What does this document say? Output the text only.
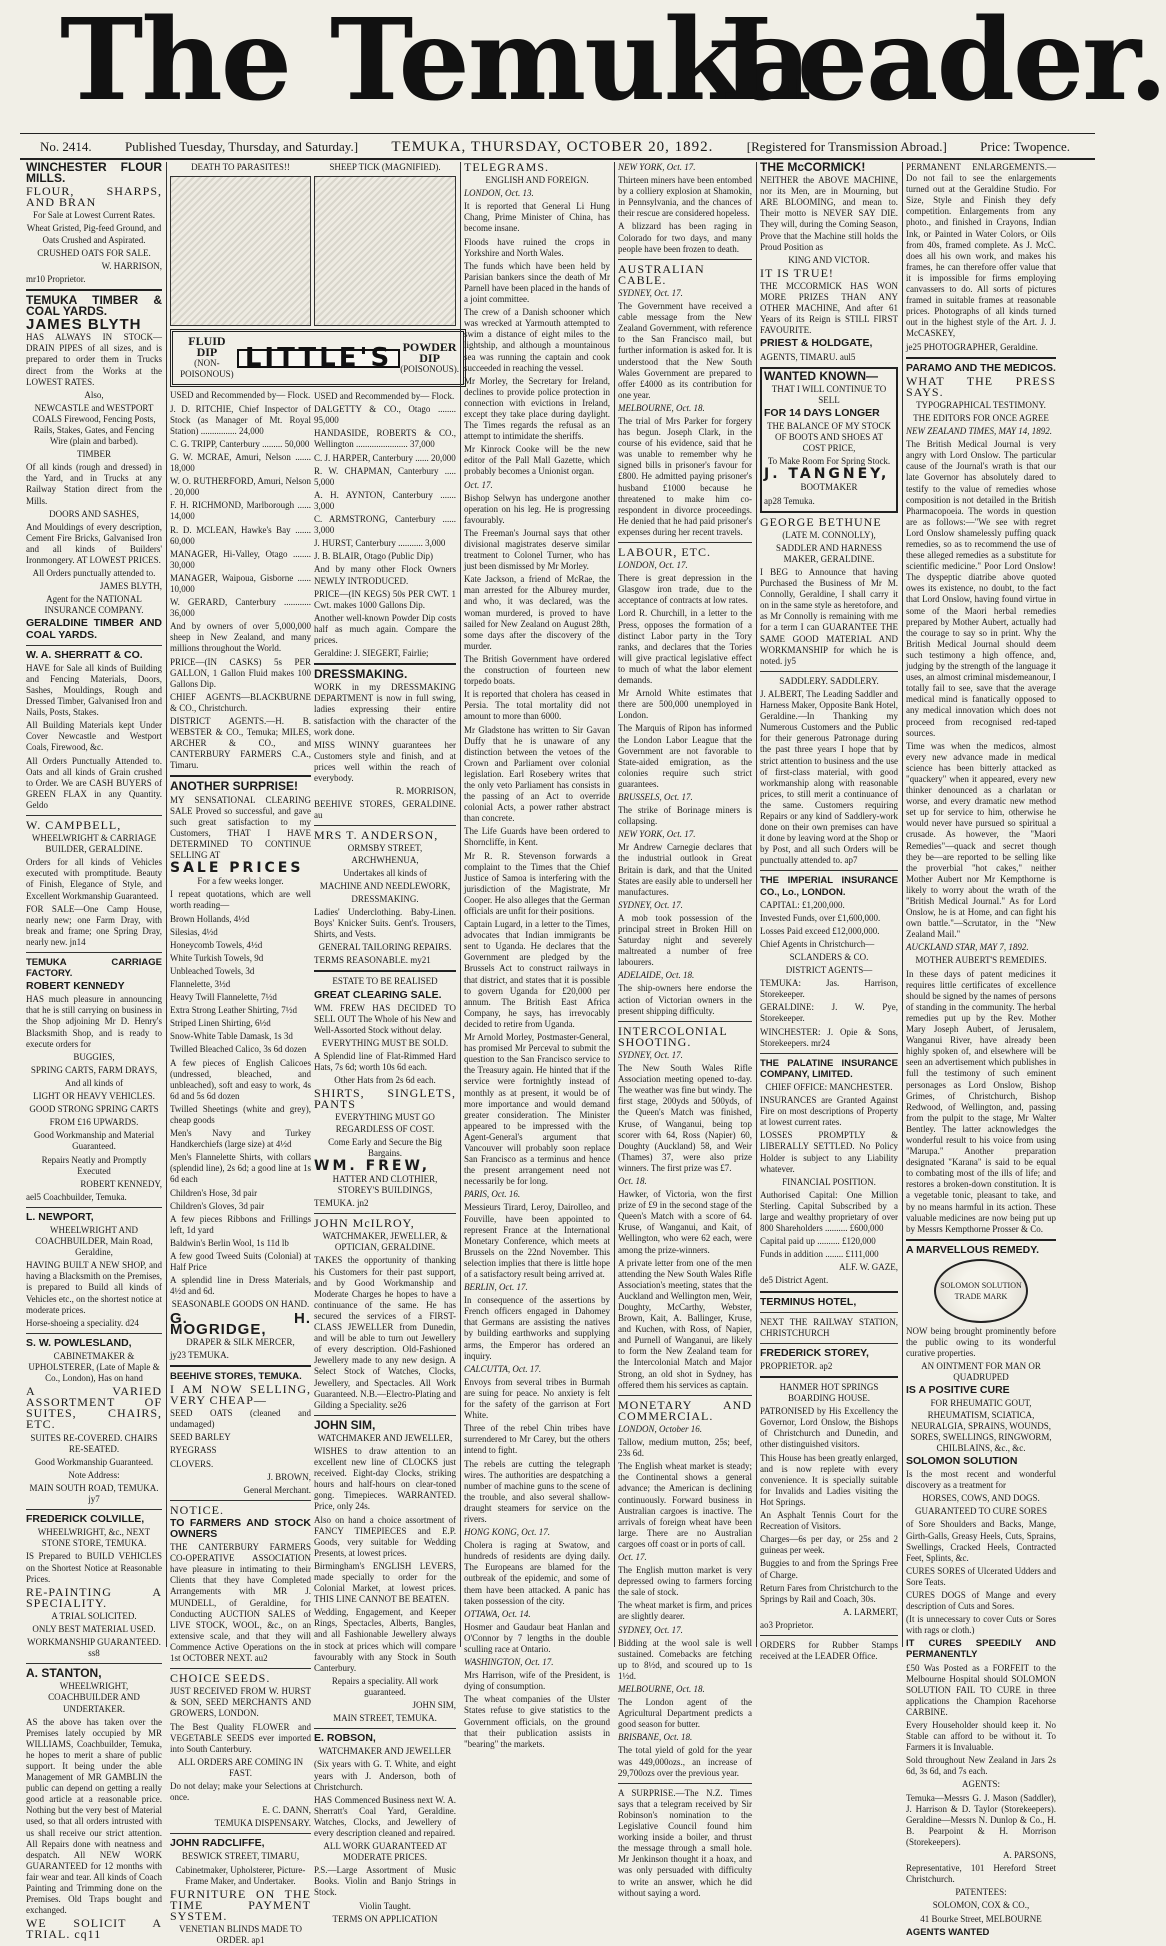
The Temuka
Leader.
No. 2414.	Published Tuesday, Thursday, and Saturday.] TEMUKA, THURSDAY, OCTOBER 20, 1892.	[Registered for Transmission Abroad.]	Price: Twopence.

WINCHESTER FLOUR MILLS.

FLOUR, SHARPS, AND BRAN

For Sale at Lowest Current Rates.

Wheat Gristed, Pig-feed Ground, and Oats Crushed and Aspirated.

CRUSHED OATS FOR SALE.

W. HARRISON,

mr10 Proprietor.

TEMUKA TIMBER & COAL YARDS.

JAMES BLYTH

HAS ALWAYS IN STOCK—DRAIN PIPES of all sizes, and is prepared to order them in Trucks direct from the Works at the LOWEST RATES.

Also,

NEWCASTLE and WESTPORT COALS Firewood, Fencing Posts, Rails, Stakes, Gates, and Fencing Wire (plain and barbed).

TIMBER

Of all kinds (rough and dressed) in the Yard, and in Trucks at any Railway Station direct from the Mills.

DOORS AND SASHES,

And Mouldings of every description, Cement Fire Bricks, Galvanised Iron and all kinds of Builders' Ironmongery. AT LOWEST PRICES.

All Orders punctually attended to.

JAMES BLYTH,

Agent for the NATIONAL INSURANCE COMPANY.

GERALDINE TIMBER AND COAL YARDS.

W. A. SHERRATT & CO.

HAVE for Sale all kinds of Building and Fencing Materials, Doors, Sashes, Mouldings, Rough and Dressed Timber, Galvanised Iron and Nails, Posts, Stakes.

All Building Materials kept Under Cover Newcastle and Westport Coals, Firewood, &c.

All Orders Punctually Attended to. Oats and all kinds of Grain crushed to Order. We are CASH BUYERS of GREEN FLAX in any Quantity. Geldo

W. CAMPBELL,

WHEELWRIGHT & CARRIAGE BUILDER, GERALDINE.

Orders for all kinds of Vehicles executed with promptitude. Beauty of Finish, Elegance of Style, and Excellent Workmanship Guaranteed.

FOR SALE—One Camp House, nearly new; one Farm Dray, with break and frame; one Spring Dray, nearly new. jn14

TEMUKA CARRIAGE FACTORY.

ROBERT KENNEDY

HAS much pleasure in announcing that he is still carrying on business in the Shop adjoining Mr D. Henry's Blacksmith Shop, and is ready to execute orders for

BUGGIES,

SPRING CARTS, FARM DRAYS,

And all kinds of

LIGHT OR HEAVY VEHICLES.

GOOD STRONG SPRING CARTS

FROM £16 UPWARDS.

Good Workmanship and Material Guaranteed.

Repairs Neatly and Promptly Executed

ROBERT KENNEDY,

ael5 Coachbuilder, Temuka.

L. NEWPORT,

WHEELWRIGHT AND COACHBUILDER, Main Road, Geraldine,

HAVING BUILT A NEW SHOP, and having a Blacksmith on the Premises, is prepared to Build all kinds of Vehicles etc., on the shortest notice at moderate prices.

Horse-shoeing a speciality. d24

S. W. POWLESLAND,

CABINETMAKER & UPHOLSTERER, (Late of Maple & Co., London), Has on hand

A VARIED ASSORTMENT OF SUITES, CHAIRS, ETC.

SUITES RE-COVERED. CHAIRS RE-SEATED.

Good Workmanship Guaranteed.

Note Address:

MAIN SOUTH ROAD, TEMUKA. jy7

FREDERICK COLVILLE,

WHEELWRIGHT, &c., NEXT STONE STORE, TEMUKA.

IS Prepared to BUILD VEHICLES on the Shortest Notice at Reasonable Prices.

RE-PAINTING A SPECIALITY.

A TRIAL SOLICITED.

ONLY BEST MATERIAL USED.

WORKMANSHIP GUARANTEED. ss8

A. STANTON,

WHEELWRIGHT, COACHBUILDER AND UNDERTAKER.

AS the above has taken over the Premises lately occupied by MR WILLIAMS, Coachbuilder, Temuka, he hopes to merit a share of public support. It being under the able Management of MR GAMBLIN the public can depend on getting a really good article at a reasonable price. Nothing but the very best of Material used, so that all orders intrusted with us shall receive our strict attention. All Repairs done with neatness and despatch. All NEW WORK GUARANTEED for 12 months with fair wear and tear. All kinds of Coach Painting and Trimming done on the Premises. Old Traps bought and exchanged.

WE SOLICIT A TRIAL. cq11

DEATH TO PARASITES!!

FLUID DIP
(NON-POISONOUS)
LITTLE'S POWDER DIP
(POISONOUS).

USED and Recommended by— Flock.

J. D. RITCHIE, Chief Inspector of Stock (as Manager of Mt. Royal Station) ................ 24,000

C. G. TRIPP, Canterbury ......... 50,000

G. W. MCRAE, Amuri, Nelson ....... 18,000

W. O. RUTHERFORD, Amuri, Nelson . 20,000

F. H. RICHMOND, Marlborough ...... 14,000

R. D. MCLEAN, Hawke's Bay ....... 60,000

MANAGER, Hi-Valley, Otago ........ 30,000

MANAGER, Waipoua, Gisborne ...... 10,000

W. GERARD, Canterbury ............ 36,000

And by owners of over 5,000,000 sheep in New Zealand, and many millions throughout the World.

PRICE—(IN CASKS) 5s PER GALLON, 1 Gallon Fluid makes 100 Gallons Dip.

CHIEF AGENTS—BLACKBURNE & CO., Christchurch.

DISTRICT AGENTS.—H. B. WEBSTER & CO., Temuka; MILES, ARCHER & CO., and CANTERBURY FARMERS C.A., Timaru.

ANOTHER SURPRISE!

MY SENSATIONAL CLEARING SALE Proved so successful, and gave such great satisfaction to my Customers, THAT I HAVE DETERMINED TO CONTINUE SELLING AT

SALE PRICES

For a few weeks longer.

I repeat quotations, which are well worth reading—

Brown Hollands, 4½d

Silesias, 4½d

Honeycomb Towels, 4½d

White Turkish Towels, 9d

Unbleached Towels, 3d

Flannelette, 3½d

Heavy Twill Flannelette, 7½d

Extra Strong Leather Shirting, 7½d

Striped Linen Shirting, 6½d

Snow-White Table Damask, 1s 3d

Twilled Bleached Calico, 3s 6d dozen

A few pieces of English Calicoes (undressed, bleached, and unbleached), soft and easy to work, 4s 6d and 5s 6d dozen

Twilled Sheetings (white and grey), cheap goods

Men's Navy and Turkey Handkerchiefs (large size) at 4½d

Men's Flannelette Shirts, with collars (splendid line), 2s 6d; a good line at 1s 6d each

Children's Hose, 3d pair

Children's Gloves, 3d pair

A few pieces Ribbons and Frillings left, 1d yard

Baldwin's Berlin Wool, 1s 11d lb

A few good Tweed Suits (Colonial) at Half Price

A splendid line in Dress Materials, 4½d and 6d.

SEASONABLE GOODS ON HAND.

G. H. MOGRIDGE,

DRAPER & SILK MERCER,

jy23 TEMUKA.

BEEHIVE STORES, TEMUKA.

I AM NOW SELLING, VERY CHEAP—

SEED OATS (cleaned and undamaged)

SEED BARLEY

RYEGRASS

CLOVERS.

J. BROWN,

General Merchant.

NOTICE.

TO FARMERS AND STOCK OWNERS

THE CANTERBURY FARMERS CO-OPERATIVE ASSOCIATION have pleasure in intimating to their Clients that they have Completed Arrangements with MR J. MUNDELL, of Geraldine, for Conducting AUCTION SALES of LIVE STOCK, WOOL, &c., on an extensive scale, and that they will Commence Active Operations on the 1st OCTOBER NEXT. au2

CHOICE SEEDS.

JUST RECEIVED FROM W. HURST & SON, SEED MERCHANTS AND GROWERS, LONDON.

The Best Quality FLOWER and VEGETABLE SEEDS ever imported into South Canterbury.

ALL ORDERS ARE COMING IN FAST.

Do not delay; make your Selections at once.

E. C. DANN,

TEMUKA DISPENSARY.

JOHN RADCLIFFE,

BESWICK STREET, TIMARU,

Cabinetmaker, Upholsterer, Picture-Frame Maker, and Undertaker.

FURNITURE ON THE TIME PAYMENT SYSTEM.

VENETIAN BLINDS MADE TO ORDER. ap1

SHEEP TICK (MAGNIFIED).

USED and Recommended by— Flock.

DALGETTY & CO., Otago ........ 95,000

HANDASIDE, ROBERTS & CO., Wellington ....................... 37,000

C. J. HARPER, Canterbury ...... 20,000

R. W. CHAPMAN, Canterbury ..... 5,000

A. H. AYNTON, Canterbury ....... 3,000

C. ARMSTRONG, Canterbury ...... 3,000

J. HURST, Canterbury ........... 3,000

J. B. BLAIR, Otago (Public Dip)

And by many other Flock Owners NEWLY INTRODUCED.

PRICE—(IN KEGS) 50s PER CWT. 1 Cwt. makes 1000 Gallons Dip.

Another well-known Powder Dip costs half as much again. Compare the prices.

Geraldine: J. SIEGERT, Fairlie;

DRESSMAKING.

WORK in my DRESSMAKING DEPARTMENT is now in full swing, ladies expressing their entire satisfaction with the character of the work done.

MISS WINNY guarantees her Customers style and finish, and at prices well within the reach of everybody.

R. MORRISON,

BEEHIVE STORES, GERALDINE. au

MRS T. ANDERSON,

ORMSBY STREET, ARCHWHENUA,

Undertakes all kinds of

MACHINE AND NEEDLEWORK,

DRESSMAKING.

Ladies' Underclothing. Baby-Linen. Boys' Knicker Suits. Gent's. Trousers, Shirts, and Vests.

GENERAL TAILORING REPAIRS.

TERMS REASONABLE. my21

ESTATE TO BE REALISED

GREAT CLEARING SALE.

WM. FREW HAS DECIDED TO SELL OUT The Whole of his New and Well-Assorted Stock without delay.

EVERYTHING MUST BE SOLD.

A Splendid line of Flat-Rimmed Hard Hats, 7s 6d; worth 10s 6d each.

Other Hats from 2s 6d each.

SHIRTS, SINGLETS, PANTS

EVERYTHING MUST GO REGARDLESS OF COST.

Come Early and Secure the Big Bargains.

WM. FREW,

HATTER AND CLOTHIER, STOREY'S BUILDINGS,

TEMUKA. jn2

JOHN McILROY,

WATCHMAKER, JEWELLER, & OPTICIAN, GERALDINE.

TAKES the opportunity of thanking his Customers for their past support, and by Good Workmanship and Moderate Charges he hopes to have a continuance of the same. He has secured the services of a FIRST-CLASS JEWELLER from Dunedin, and will be able to turn out Jewellery of every description. Old-Fashioned Jewellery made to any new design. A Select Stock of Watches, Clocks, Jewellery, and Spectacles. All Work Guaranteed. N.B.—Electro-Plating and Gilding a Speciality. se26

JOHN SIM,

WATCHMAKER AND JEWELLER,

WISHES to draw attention to an excellent new line of CLOCKS just received. Eight-day Clocks, striking hours and half-hours on clear-toned gong. Timepieces. WARRANTED. Price, only 24s.

Also on hand a choice assortment of FANCY TIMEPIECES and E.P. Goods, very suitable for Wedding Presents, at lowest prices.

Birmingham's ENGLISH LEVERS, made specially to order for the Colonial Market, at lowest prices. THIS LINE CANNOT BE BEATEN.

Wedding, Engagement, and Keeper Rings, Spectacles, Alberts, Bangles, and all Fashionable Jewellery always in stock at prices which will compare favourably with any Stock in South Canterbury.

Repairs a speciality. All work guaranteed.

JOHN SIM,

MAIN STREET, TEMUKA.

E. ROBSON,

WATCHMAKER AND JEWELLER

(Six years with G. T. White, and eight years with J. Anderson, both of Christchurch.

HAS Commenced Business next W. A. Sherratt's Coal Yard, Geraldine. Watches, Clocks, and Jewellery of every description cleaned and repaired.

ALL WORK GUARANTEED AT MODERATE PRICES.

P.S.—Large Assortment of Music Books. Violin and Banjo Strings in Stock.

Violin Taught.

TERMS ON APPLICATION

TELEGRAMS.

ENGLISH AND FOREIGN.

LONDON, Oct. 13.

It is reported that General Li Hung Chang, Prime Minister of China, has become insane.

Floods have ruined the crops in Yorkshire and North Wales.

The funds which have been held by Parisian bankers since the death of Mr Parnell have been placed in the hands of a joint committee.

The crew of a Danish schooner which was wrecked at Yarmouth attempted to swim a distance of eight miles to the lightship, and although a mountainous sea was running the captain and cook succeeded in reaching the vessel.

Mr Morley, the Secretary for Ireland, declines to provide police protection in connection with evictions in Ireland, except they take place during daylight. The Times regards the refusal as an attempt to intimidate the sheriffs.

Mr Kinrock Cooke will be the new editor of the Pall Mall Gazette, which probably becomes a Unionist organ.

Oct. 17.

Bishop Selwyn has undergone another operation on his leg. He is progressing favourably.

The Freeman's Journal says that other divisional magistrates deserve similar treatment to Colonel Turner, who has just been dismissed by Mr Morley.

Kate Jackson, a friend of McRae, the man arrested for the Alburey murder, and who, it was declared, was the woman murdered, is proved to have sailed for New Zealand on August 28th, some days after the discovery of the murder.

The British Government have ordered the construction of fourteen new torpedo boats.

It is reported that cholera has ceased in Persia. The total mortality did not amount to more than 6000.

Mr Gladstone has written to Sir Gavan Duffy that he is unaware of any distinction between the vetoes of the Crown and Parliament over colonial legislation. Earl Rosebery writes that the only veto Parliament has consists in the passing of an Act to override colonial Acts, a power rather abstract than concrete.

The Life Guards have been ordered to Shorncliffe, in Kent.

Mr R. R. Stevenson forwards a complaint to the Times that the Chief Justice of Samoa is interfering with the jurisdiction of the Magistrate, Mr Cooper. He also alleges that the German officials are unfit for their positions.

Captain Lugard, in a letter to the Times, advocates that Indian immigrants be sent to Uganda. He declares that the Government are pledged by the Brussels Act to construct railways in that district, and states that it is possible to govern Uganda for £20,000 per annum. The British East Africa Company, he says, has irrevocably decided to retire from Uganda.

Mr Arnold Morley, Postmaster-General, has promised Mr Perceval to submit the question to the San Francisco service to the Treasury again. He hinted that if the service were fortnightly instead of monthly as at present, it would be of more importance and would demand greater consideration. The Minister appeared to be impressed with the Agent-General's argument that Vancouver will probably soon replace San Francisco as a terminus and hence the present arrangement need not necessarily be for long.

PARIS, Oct. 16.

Messieurs Tirard, Leroy, Dairolleo, and Fouville, have been appointed to represent France at the International Monetary Conference, which meets at Brussels on the 22nd November. This selection implies that there is little hope of a satisfactory result being arrived at.

BERLIN, Oct. 17.

In consequence of the assertions by French officers engaged in Dahomey that Germans are assisting the natives by building earthworks and supplying arms, the Emperor has ordered an inquiry.

CALCUTTA, Oct. 17.

Envoys from several tribes in Burmah are suing for peace. No anxiety is felt for the safety of the garrison at Fort White.

Three of the rebel Chin tribes have surrendered to Mr Carey, but the others intend to fight.

The rebels are cutting the telegraph wires. The authorities are despatching a number of machine guns to the scene of the trouble, and also several shallow-draught steamers for service on the rivers.

HONG KONG, Oct. 17.

Cholera is raging at Swatow, and hundreds of residents are dying daily. The Europeans are blamed for the outbreak of the epidemic, and some of them have been attacked. A panic has taken possession of the city.

OTTAWA, Oct. 14.

Hosmer and Gaudaur beat Hanlan and O'Connor by 7 lengths in the double sculling race at Ontario.

WASHINGTON, Oct. 17.

Mrs Harrison, wife of the President, is dying of consumption.

The wheat companies of the Ulster States refuse to give statistics to the Government officials, on the ground that their publication assists in "bearing" the markets.

NEW YORK, Oct. 17.

Thirteen miners have been entombed by a colliery explosion at Shamokin, in Pennsylvania, and the chances of their rescue are considered hopeless.

A blizzard has been raging in Colorado for two days, and many people have been frozen to death.

AUSTRALIAN CABLE.

SYDNEY, Oct. 17.

The Government have received a cable message from the New Zealand Government, with reference to the San Francisco mail, but further information is asked for. It is understood that the New South Wales Government are prepared to offer £4000 as its contribution for one year.

MELBOURNE, Oct. 18.

The trial of Mrs Parker for forgery has begun. Joseph Clark, in the course of his evidence, said that he was unable to remember why he signed bills in prisoner's favour for £800. He admitted paying prisoner's husband £1000 because he threatened to make him co-respondent in divorce proceedings. He denied that he had paid prisoner's expenses during her recent travels.

LABOUR, ETC.

LONDON, Oct. 17.

There is great depression in the Glasgow iron trade, due to the acceptance of contracts at low rates.

Lord R. Churchill, in a letter to the Press, opposes the formation of a distinct Labor party in the Tory ranks, and declares that the Tories will give practical legislative effect to much of what the labor element demands.

Mr Arnold White estimates that there are 500,000 unemployed in London.

The Marquis of Ripon has informed the London Labor League that the Government are not favorable to State-aided emigration, as the colonies require such strict guarantees.

BRUSSELS, Oct. 17.

The strike of Borinage miners is collapsing.

NEW YORK, Oct. 17.

Mr Andrew Carnegie declares that the industrial outlook in Great Britain is dark, and that the United States are easily able to undersell her manufactures.

SYDNEY, Oct. 17.

A mob took possession of the principal street in Broken Hill on Saturday night and severely maltreated a number of free labourers.

ADELAIDE, Oct. 18.

The ship-owners here endorse the action of Victorian owners in the present shipping difficulty.

INTERCOLONIAL SHOOTING.

SYDNEY, Oct. 17.

The New South Wales Rifle Association meeting opened to-day. The weather was fine but windy. The first stage, 200yds and 500yds, of the Queen's Match was finished, Kruse, of Wanganui, being top scorer with 64, Ross (Napier) 60, Doughty (Auckland) 58, and Weir (Thames) 37, were also prize winners. The first prize was £7.

Oct. 18.

Hawker, of Victoria, won the first prize of £9 in the second stage of the Queen's Match with a score of 64. Kruse, of Wanganui, and Kait, of Wellington, who were 62 each, were among the prize-winners.

A private letter from one of the men attending the New South Wales Rifle Association's meeting, states that the Auckland and Wellington men, Weir, Doughty, McCarthy, Webster, Brown, Kait, A. Ballinger, Kruse, and Kuchen, with Ross, of Napier, and Purnell of Wanganui, are likely to form the New Zealand team for the Intercolonial Match and Major Strong, an old shot in Sydney, has offered them his services as captain.

MONETARY AND COMMERCIAL.

LONDON, October 16.

Tallow, medium mutton, 25s; beef, 23s 6d.

The English wheat market is steady; the Continental shows a general advance; the American is declining continuously. Forward business in Australian cargoes is inactive. The arrivals of foreign wheat have been large. There are no Australian cargoes off coast or in ports of call.

Oct. 17.

The English mutton market is very depressed owing to farmers forcing the sale of stock.

The wheat market is firm, and prices are slightly dearer.

SYDNEY, Oct. 17.

Bidding at the wool sale is well sustained. Comebacks are fetching up to 8½d, and scoured up to 1s 1½d.

MELBOURNE, Oct. 18.

The London agent of the Agricultural Department predicts a good season for butter.

BRISBANE, Oct. 18.

The total yield of gold for the year was 449,000ozs., an increase of 29,700ozs over the previous year.

A SURPRISE.—The N.Z. Times says that a telegram received by Sir Robinson's nomination to the Legislative Council found him working inside a boiler, and thrust the message through a small hole. Mr Jenkinson thought it a hoax, and was only persuaded with difficulty to write an answer, which he did without saying a word.

THE McCORMICK!

NEITHER the ABOVE MACHINE, nor its Men, are in Mourning, but ARE BLOOMING, and mean to. Their motto is NEVER SAY DIE. They will, during the Coming Season, Prove that the Machine still holds the Proud Position as

KING AND VICTOR.

IT IS TRUE!

THE MCCORMICK HAS WON MORE PRIZES THAN ANY OTHER MACHINE, And after 61 Years of its Reign is STILL FIRST FAVOURITE.

PRIEST & HOLDGATE,

AGENTS, TIMARU. aul5

WANTED KNOWN—

THAT I WILL CONTINUE TO SELL

FOR 14 DAYS LONGER

THE BALANCE OF MY STOCK OF BOOTS AND SHOES AT COST PRICE,

To Make Room For Spring Stock.

J. TANGNEY,

BOOTMAKER

ap28 Temuka.

GEORGE BETHUNE

(LATE M. CONNOLLY),

SADDLER AND HARNESS MAKER, GERALDINE.

I BEG to Announce that having Purchased the Business of Mr M. Connolly, Geraldine, I shall carry it on in the same style as heretofore, and as Mr Connolly is remaining with me for a term I can GUARANTEE THE SAME GOOD MATERIAL AND WORKMANSHIP for which he is noted. jy5

SADDLERY. SADDLERY.

J. ALBERT, The Leading Saddler and Harness Maker, Opposite Bank Hotel, Geraldine.—In Thanking my Numerous Customers and the Public for their generous Patronage during the past three years I hope that by strict attention to business and the use of first-class material, with good workmanship along with reasonable prices, to still merit a continuance of the same. Customers requiring Repairs or any kind of Saddlery-work done on their own premises can have it done by leaving word at the Shop or by Post, and all such Orders will be punctually attended to. ap7

THE IMPERIAL INSURANCE CO., Lo., LONDON.

CAPITAL: £1,200,000.

Invested Funds, over £1,600,000.

Losses Paid exceed £12,000,000.

Chief Agents in Christchurch—

SCLANDERS & CO.

DISTRICT AGENTS—

TEMUKA: Jas. Harrison, Storekeeper.

GERALDINE: J. W. Pye, Storekeeper.

WINCHESTER: J. Opie & Sons, Storekeepers. mr24

THE PALATINE INSURANCE COMPANY, LIMITED.

CHIEF OFFICE: MANCHESTER.

INSURANCES are Granted Against Fire on most descriptions of Property at lowest current rates.

LOSSES PROMPTLY & LIBERALLY SETTLED. No Policy Holder is subject to any Liability whatever.

FINANCIAL POSITION.

Authorised Capital: One Million Sterling. Capital Subscribed by a large and wealthy proprietary of over 800 Shareholders .......... £600,000

Capital paid up .......... £120,000

Funds in addition ........ £111,000

ALF. W. GAZE,

de5 District Agent.

TERMINUS HOTEL,

NEXT THE RAILWAY STATION, CHRISTCHURCH

FREDERICK STOREY,

PROPRIETOR. ap2

HANMER HOT SPRINGS BOARDING HOUSE.

PATRONISED by His Excellency the Governor, Lord Onslow, the Bishops of Christchurch and Dunedin, and other distinguished visitors.

This House has been greatly enlarged, and is now replete with every convenience. It is specially suitable for Invalids and Ladies visiting the Hot Springs.

An Asphalt Tennis Court for the Recreation of Visitors.

Charges—6s per day, or 25s and 2 guineas per week.

Buggies to and from the Springs Free of Charge.

Return Fares from Christchurch to the Springs by Rail and Coach, 30s.

A. LARMERT,

ao3 Proprietor.

ORDERS for Rubber Stamps received at the LEADER Office.

PERMANENT ENLARGEMENTS.—Do not fail to see the enlargements turned out at the Geraldine Studio. For Size, Style and Finish they defy competition. Enlargements from any photo., and finished in Crayons, Indian Ink, or Painted in Water Colors, or Oils from 40s, framed complete. As J. McC. does all his own work, and makes his frames, he can therefore offer value that it is impossible for firms employing canvassers to do. All sorts of pictures framed in suitable frames at reasonable prices. Photographs of all kinds turned out in the highest style of the Art. J. J. McCASKEY,

je25 PHOTOGRAPHER, Geraldine.

PARAMO AND THE MEDICOS.

WHAT THE PRESS SAYS.

TYPOGRAPHICAL TESTIMONY.

THE EDITORS FOR ONCE AGREE

NEW ZEALAND TIMES, MAY 14, 1892.

The British Medical Journal is very angry with Lord Onslow. The particular cause of the Journal's wrath is that our late Governor has absolutely dared to testify to the value of remedies whose composition is not detailed in the British Pharmacopoeia. The words in question are as follows:—"We see with regret Lord Onslow shamelessly puffing quack remedies, so as to recommend the use of these alleged remedies as a substitute for scientific medicine." Poor Lord Onslow! The dyspeptic diatribe above quoted owes its existence, no doubt, to the fact that Lord Onslow, having found virtue in some of the Maori herbal remedies prepared by Mother Aubert, actually had the courage to say so in print. Why the British Medical Journal should deem such testimony a high offence, and, judging by the strength of the language it uses, an almost criminal misdemeanour, I totally fail to see, save that the average medical mind is fanatically opposed to any medical innovation which does not proceed from recognised red-taped sources.

Time was when the medicos, almost every new advance made in medical science has been bitterly attacked as "quackery" when it appeared, every new thinker denounced as a charlatan or worse, and every dramatic new method set up for service to him, otherwise he would never have pursued so spiritual a crusade. As however, the "Maori Remedies"—quack and secret though they be—are reported to be selling like the proverbial "hot cakes," neither Mother Aubert nor Mr Kempthorne is likely to worry about the wrath of the "British Medical Journal." As for Lord Onslow, he is at Home, and can fight his own battle."—Scrutator, in the "New Zealand Mail."

AUCKLAND STAR, MAY 7, 1892.

MOTHER AUBERT'S REMEDIES.

In these days of patent medicines it requires little certificates of excellence should be signed by the names of persons of standing in the community. The herbal remedies put up by the Rev. Mother Mary Joseph Aubert, of Jerusalem, Wanganui River, have already been highly spoken of, and elsewhere will be seen an advertisement which publishes in full the testimony of such eminent personages as Lord Onslow, Bishop Grimes, of Christchurch, Bishop Redwood, of Wellington, and, passing from the pulpit to the stage, Mr Walter Bentley. The latter acknowledges the wonderful result to his voice from using "Marupa." Another preparation designated "Karana" is said to be equal to combating most of the ills of life; and restores a broken-down constitution. It is a vegetable tonic, pleasant to take, and by no means harmful in its action. These valuable medicines are now being put up by Messrs Kempthorne Prosser & Co.

A MARVELLOUS REMEDY.

SOLOMON SOLUTION TRADE MARK

NOW being brought prominently before the public owing to its wonderful curative properties.

AN OINTMENT FOR MAN OR QUADRUPED

IS A POSITIVE CURE

FOR RHEUMATIC GOUT, RHEUMATISM, SCIATICA, NEURALGIA, SPRAINS, WOUNDS, SORES, SWELLINGS, RINGWORM, CHILBLAINS, &c., &c.

SOLOMON SOLUTION

Is the most recent and wonderful discovery as a treatment for

HORSES, COWS, AND DOGS.

GUARANTEED TO CURE SORES

of Sore Shoulders and Backs, Mange, Girth-Galls, Greasy Heels, Cuts, Sprains, Swellings, Cracked Heels, Contracted Feet, Splints, &c.

CURES SORES of Ulcerated Udders and Sore Teats.

CURES DOGS of Mange and every description of Cuts and Sores.

(It is unnecessary to cover Cuts or Sores with rags or cloth.)

IT CURES SPEEDILY AND PERMANENTLY

£50 Was Posted as a FORFEIT to the Melbourne Hospital should SOLOMON SOLUTION FAIL TO CURE in three applications the Champion Racehorse CARBINE.

Every Householder should keep it. No Stable can afford to be without it. To Farmers it is Invaluable.

Sold throughout New Zealand in Jars 2s 6d, 3s 6d, and 7s each.

AGENTS:

Temuka—Messrs G. J. Mason (Saddler), J. Harrison & D. Taylor (Storekeepers). Geraldine—Messrs N. Dunlop & Co., H. B. Pearpoint & H. Morrison (Storekeepers).

A. PARSONS,

Representative, 101 Hereford Street Christchurch.

PATENTEES:

SOLOMON, COX & CO.,

41 Bourke Street, MELBOURNE

AGENTS WANTED
